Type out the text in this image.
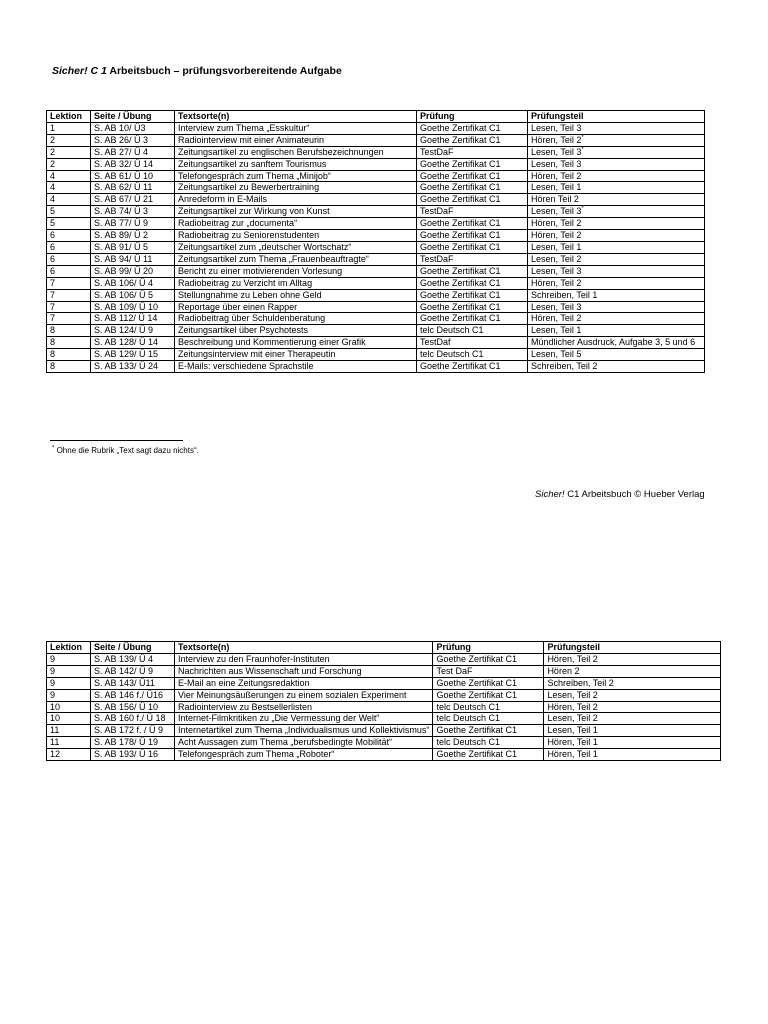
Sicher! C 1 Arbeitsbuch – prüfungsvorbereitende Aufgabe
Lektion	Seite / Übung	Textsorte(n)	Prüfung	Prüfungsteil
1	S. AB 10/ Ü3	Interview zum Thema „Esskultur“	Goethe Zertifikat C1	Lesen, Teil 3
2	S. AB 26/ Ü 3	Radiointerview mit einer Animateurin	Goethe Zertifikat C1	Hören, Teil 2*
2	S. AB 27/ Ü 4	Zeitungsartikel zu englischen Berufsbezeichnungen	TestDaF	Lesen, Teil 3*
2	S. AB 32/ Ü 14	Zeitungsartikel zu sanftem Tourismus	Goethe Zertifikat C1	Lesen, Teil 3
4	S. AB 61/ Ü 10	Telefongespräch zum Thema „Minijob“	Goethe Zertifikat C1	Hören, Teil 2
4	S. AB 62/ Ü 11	Zeitungsartikel zu Bewerbertraining	Goethe Zertifikat C1	Lesen, Teil 1
4	S. AB 67/ Ü 21	Anredeform in E-Mails	Goethe Zertifikat C1	Hören Teil 2
5	S. AB 74/ Ü 3	Zeitungsartikel zur Wirkung von Kunst	TestDaF	Lesen, Teil 3*
5	S. AB 77/ Ü 9	Radiobeitrag zur „documenta“	Goethe Zertifikat C1	Hören, Teil 2
6	S. AB 89/ Ü 2	Radiobeitrag zu Seniorenstudenten	Goethe Zertifikat C1	Hören, Teil 2
6	S. AB 91/ Ü 5	Zeitungsartikel zum „deutscher Wortschatz“	Goethe Zertifikat C1	Lesen, Teil 1
6	S. AB 94/ Ü 11	Zeitungsartikel zum Thema „Frauenbeauftragte“	TestDaF	Lesen, Teil 2
6	S. AB 99/ Ü 20	Bericht zu einer motivierenden Vorlesung	Goethe Zertifikat C1	Lesen, Teil 3
7	S. AB 106/ Ü 4	Radiobeitrag zu Verzicht im Alltag	Goethe Zertifikat C1	Hören, Teil 2
7	S. AB 106/ Ü 5	Stellungnahme zu Leben ohne Geld	Goethe Zertifikat C1	Schreiben, Teil 1
7	S. AB 109/ Ü 10	Reportage über einen Rapper	Goethe Zertifikat C1	Lesen, Teil 3
7	S. AB 112/ Ü 14	Radiobeitrag über Schuldenberatung	Goethe Zertifikat C1	Hören, Teil 2
8	S. AB 124/ Ü 9	Zeitungsartikel über Psychotests	telc Deutsch C1	Lesen, Teil 1
8	S. AB 128/ Ü 14	Beschreibung und Kommentierung einer Grafik	TestDaf	Mündlicher Ausdruck, Aufgabe 3, 5 und 6
8	S. AB 129/ Ü 15	Zeitungsinterview mit einer Therapeutin	telc Deutsch C1	Lesen, Teil 5
8	S. AB 133/ Ü 24	E-Mails: verschiedene Sprachstile	Goethe Zertifikat C1	Schreiben, Teil 2
* Ohne die Rubrik „Text sagt dazu nichts“.
Sicher! C1 Arbeitsbuch © Hueber Verlag
Lektion	Seite / Übung	Textsorte(n)	Prüfung	Prüfungsteil
9	S. AB 139/ Ü 4	Interview zu den Fraunhofer-Instituten	Goethe Zertifikat C1	Hören, Teil 2
9	S. AB 142/ Ü 9	Nachrichten aus Wissenschaft und Forschung	Test DaF	Hören 2
9	S. AB 143/ Ü11	E-Mail an eine Zeitungsredaktion	Goethe Zertifikat C1	Schreiben, Teil 2
9	S. AB 146 f./ Ü16	Vier Meinungsäußerungen zu einem sozialen Experiment	Goethe Zertifikat C1	Lesen, Teil 2
10	S. AB 156/ Ü 10	Radiointerview zu Bestsellerlisten	telc Deutsch C1	Hören, Teil 2
10	S. AB 160 f./ Ü 18	Internet-Filmkritiken zu „Die Vermessung der Welt“	telc Deutsch C1	Lesen, Teil 2
11	S. AB 172 f. / Ü 9	Internetartikel zum Thema „Individualismus und Kollektivismus“	Goethe Zertifikat C1	Lesen, Teil 1
11	S. AB 178/ Ü 19	Acht Aussagen zum Thema „berufsbedingte Mobilität“	telc Deutsch C1	Hören, Teil 1
12	S. AB 193/ Ü 16	Telefongespräch zum Thema „Roboter“	Goethe Zertifikat C1	Hören, Teil 1
